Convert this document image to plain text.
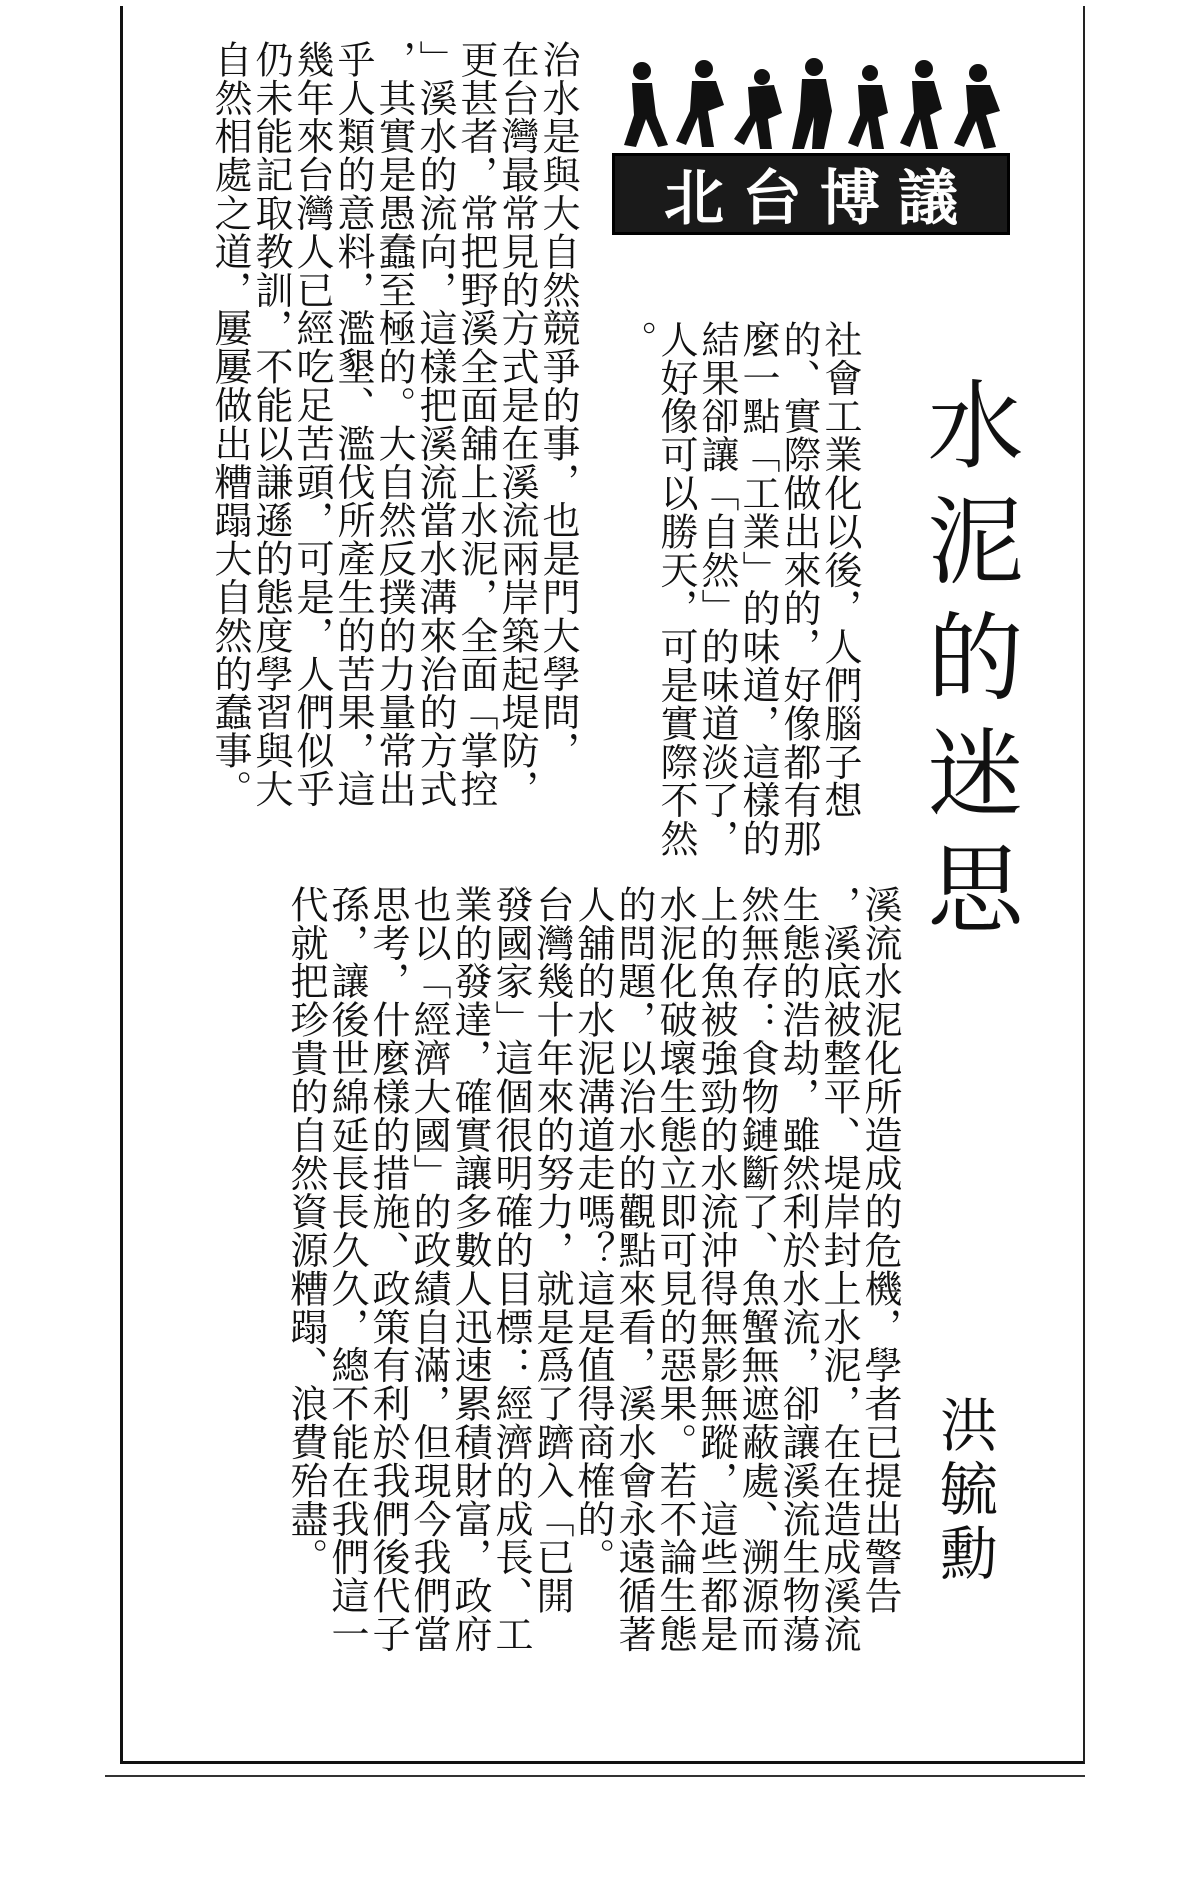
北台博議
水泥的迷思
洪毓勳
社會工業化以後，人們腦子想
的、實際做出來的，好像都有那
麼一點「工業」的味道，這樣的
結果卻讓「自然」的味道淡了，
人好像可以勝天，可是實際不然
。
治水是與大自然競爭的事，也是門大學問，
在台灣最常見的方式是在溪流兩岸築起堤防，
更甚者，常把野溪全面舖上水泥，全面「掌控
」溪水的流向，這樣把溪流當水溝來治的方式
，其實是愚蠢至極的。大自然反撲的力量常出
乎人類的意料，濫墾、濫伐所產生的苦果，這
幾年來台灣人已經吃足苦頭，可是，人們似乎
仍未能記取教訓，不能以謙遜的態度學習與大
自然相處之道，屢屢做出糟蹋大自然的蠢事。
溪流水泥化所造成的危機，學者已提出警告
，溪底被整平、堤岸封上水泥，在在造成溪流
生態的浩劫，雖然利於水流，卻讓溪流生物蕩
然無存：食物鏈斷了、魚蟹無遮蔽處、溯源而
上的魚被強勁的水流沖得無影無蹤，這些都是
水泥化破壞生態立即可見的惡果。若不論生態
的問題，以治水的觀點來看，溪水會永遠循著
人舖的水泥溝道走嗎？這是值得商榷的。
台灣幾十年來的努力，就是爲了躋入「已開
發國家」這個很明確的目標：經濟的成長、工
業的發達，確實讓多數人迅速累積財富，政府
也以「經濟大國」的政績自滿，但現今我們當
思考，什麼樣的措施、政策有利於我們後代子
孫，讓後世綿延長長久久，總不能在我們這一
代就把珍貴的自然資源糟蹋、浪費殆盡。
